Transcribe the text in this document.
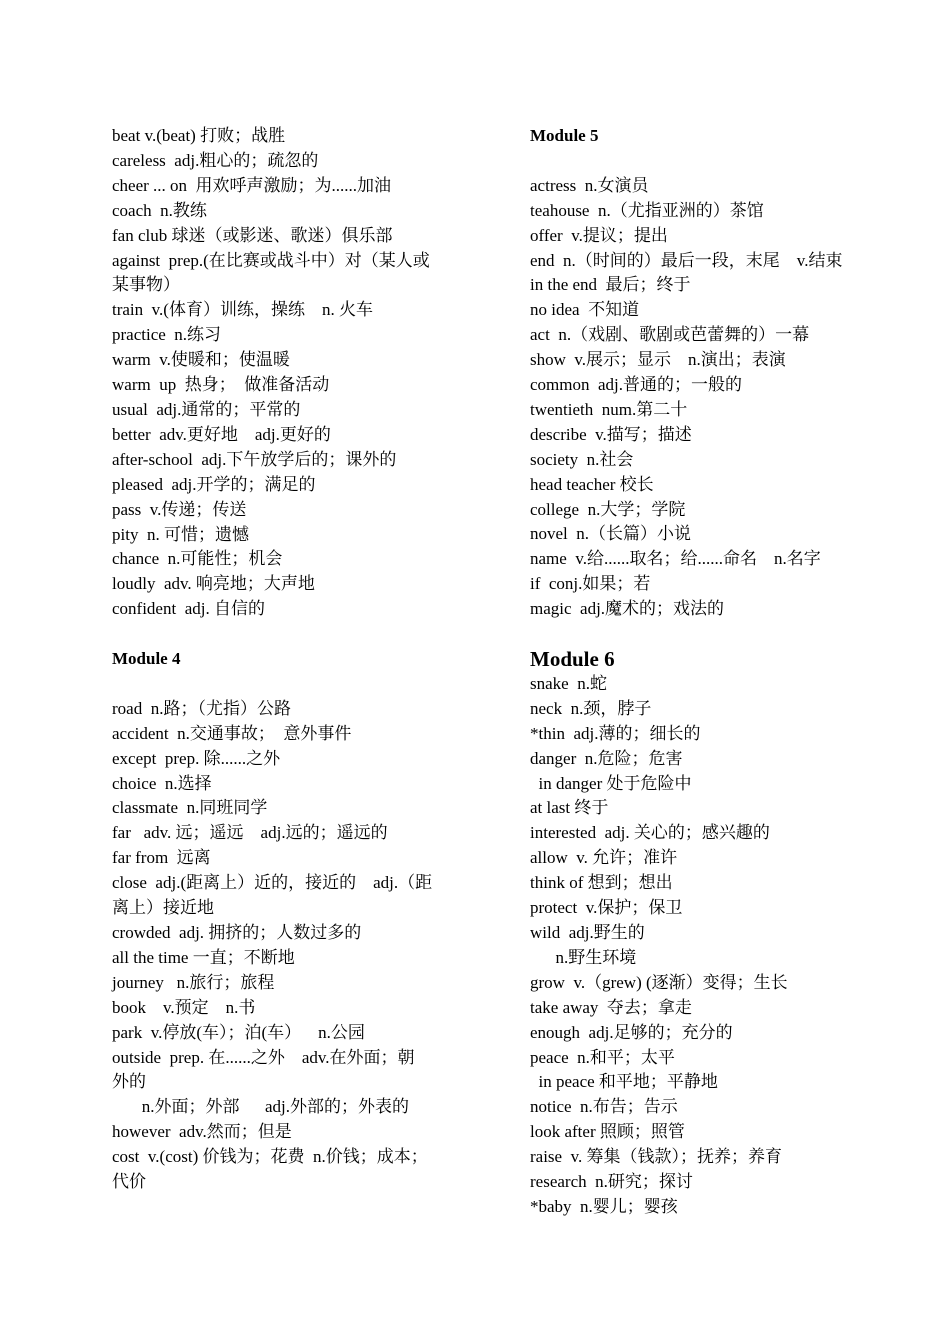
beat v.(beat) 打败；战胜

careless  adj.粗心的；疏忽的

cheer ... on  用欢呼声激励；为......加油

coach  n.教练

fan club 球迷（或影迷、歌迷）俱乐部

against  prep.(在比赛或战斗中）对（某人或

某事物）

train  v.(体育）训练，操练    n. 火车

practice  n.练习

warm  v.使暖和；使温暖

warm  up  热身；  做准备活动

usual  adj.通常的；平常的

better  adv.更好地    adj.更好的

after-school  adj.下午放学后的；课外的

pleased  adj.开学的；满足的

pass  v.传递；传送

pity  n. 可惜；遗憾

chance  n.可能性；机会

loudly  adv. 响亮地；大声地

confident  adj. 自信的

Module 4

road  n.路；（尤指）公路

accident  n.交通事故；  意外事件

except  prep. 除......之外

choice  n.选择

classmate  n.同班同学

far   adv. 远；遥远    adj.远的；遥远的

far from  远离

close  adj.(距离上）近的，接近的    adj.（距

离上）接近地

crowded  adj. 拥挤的；人数过多的

all the time 一直；不断地

journey   n.旅行；旅程

book    v.预定    n.书

park  v.停放(车）；泊(车）    n.公园

outside  prep. 在......之外    adv.在外面；朝

外的

n.外面；外部      adj.外部的；外表的

however  adv.然而；但是

cost  v.(cost) 价钱为；花费  n.价钱；成本；

代价

Module 5

actress  n.女演员

teahouse  n.（尤指亚洲的）茶馆

offer  v.提议；提出

end  n.（时间的）最后一段，末尾    v.结束

in the end  最后；终于

no idea  不知道

act  n.（戏剧、歌剧或芭蕾舞的）一幕

show  v.展示；显示    n.演出；表演

common  adj.普通的；一般的

twentieth  num.第二十

describe  v.描写；描述

society  n.社会

head teacher 校长

college  n.大学；学院

novel  n.（长篇）小说

name  v.给......取名；给......命名    n.名字

if  conj.如果；若

magic  adj.魔术的；戏法的

Module 6

snake  n.蛇

neck  n.颈，脖子

*thin  adj.薄的；细长的

danger  n.危险；危害

in danger 处于危险中

at last 终于

interested  adj. 关心的；感兴趣的

allow  v. 允许；准许

think of 想到；想出

protect  v.保护；保卫

wild  adj.野生的

n.野生环境

grow  v.（grew) (逐渐）变得；生长

take away  夺去；拿走

enough  adj.足够的；充分的

peace  n.和平；太平

in peace 和平地；平静地

notice  n.布告；告示

look after 照顾；照管

raise  v. 筹集（钱款）；抚养；养育

research  n.研究；探讨

*baby  n.婴儿；婴孩
